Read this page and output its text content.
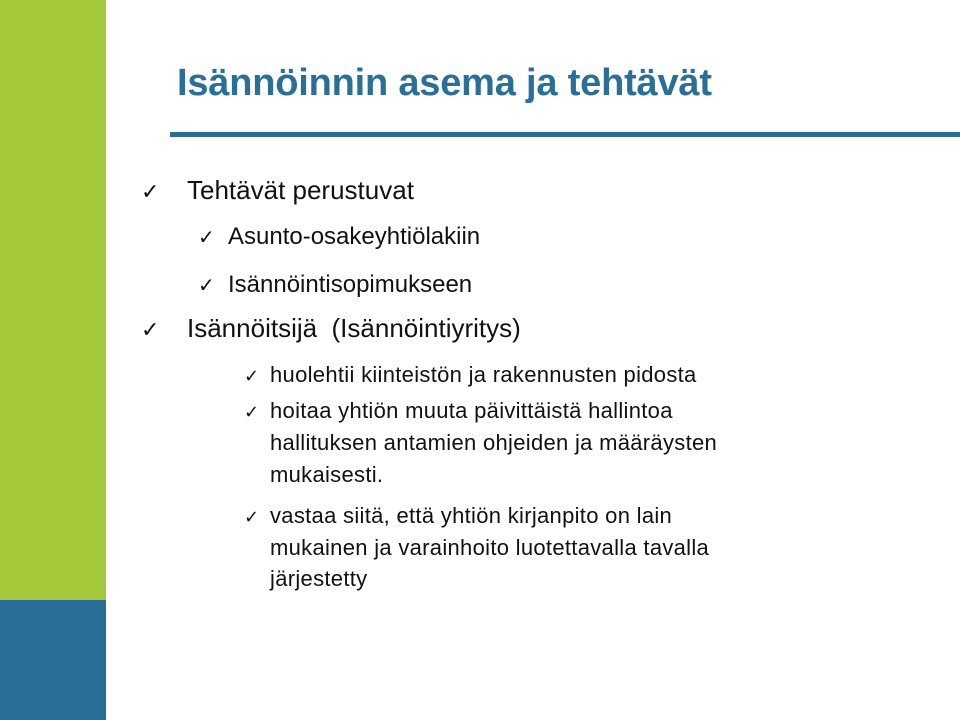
Isännöinnin asema ja tehtävät
✓ Tehtävät perustuvat
✓ Asunto-osakeyhtiölakiin
✓ Isännöintisopimukseen
✓ Isännöitsijä  (Isännöintiyritys)
✓ huolehtii kiinteistön ja rakennusten pidosta
✓ hoitaa yhtiön muuta päivittäistä hallintoa
hallituksen antamien ohjeiden ja määräysten
mukaisesti.
✓ vastaa siitä, että yhtiön kirjanpito on lain
mukainen ja varainhoito luotettavalla tavalla
järjestetty
